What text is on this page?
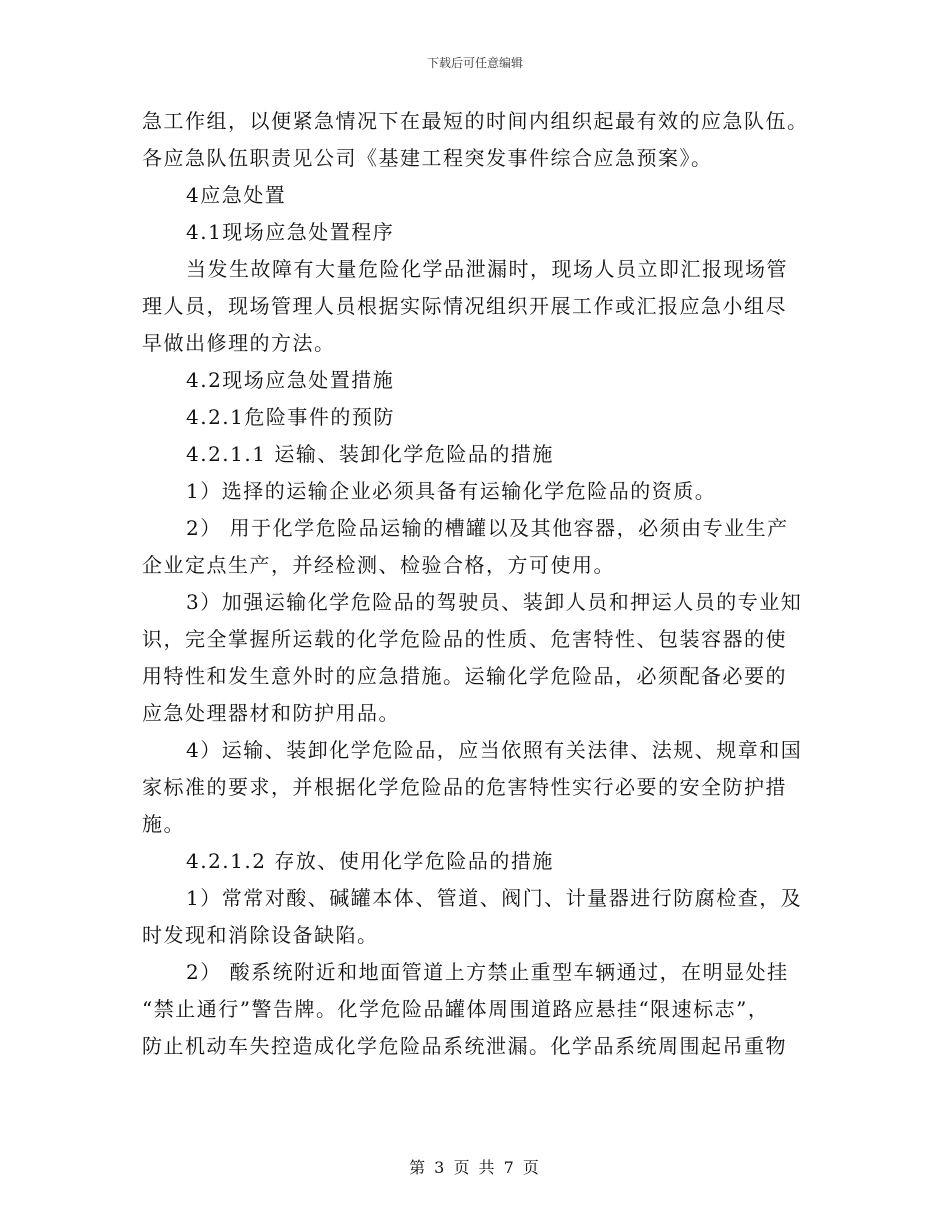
下载后可任意编辑
急工作组，以便紧急情况下在最短的时间内组织起最有效的应急队伍。
各应急队伍职责见公司《基建工程突发事件综合应急预案》。
4应急处置
4.1现场应急处置程序
当发生故障有大量危险化学品泄漏时，现场人员立即汇报现场管
理人员，现场管理人员根据实际情况组织开展工作或汇报应急小组尽
早做出修理的方法。
4.2现场应急处置措施
4.2.1危险事件的预防
4.2.1.1 运输、装卸化学危险品的措施
1）选择的运输企业必须具备有运输化学危险品的资质。
2） 用于化学危险品运输的槽罐以及其他容器，必须由专业生产
企业定点生产，并经检测、检验合格，方可使用。
3）加强运输化学危险品的驾驶员、装卸人员和押运人员的专业知
识，完全掌握所运载的化学危险品的性质、危害特性、包装容器的使
用特性和发生意外时的应急措施。运输化学危险品，必须配备必要的
应急处理器材和防护用品。
4）运输、装卸化学危险品，应当依照有关法律、法规、规章和国
家标准的要求，并根据化学危险品的危害特性实行必要的安全防护措
施。
4.2.1.2 存放、使用化学危险品的措施
1）常常对酸、碱罐本体、管道、阀门、计量器进行防腐检查，及
时发现和消除设备缺陷。
2） 酸系统附近和地面管道上方禁止重型车辆通过，在明显处挂
“禁止通行”警告牌。化学危险品罐体周围道路应悬挂“限速标志”，
防止机动车失控造成化学危险品系统泄漏。化学品系统周围起吊重物
第 3 页 共 7 页
